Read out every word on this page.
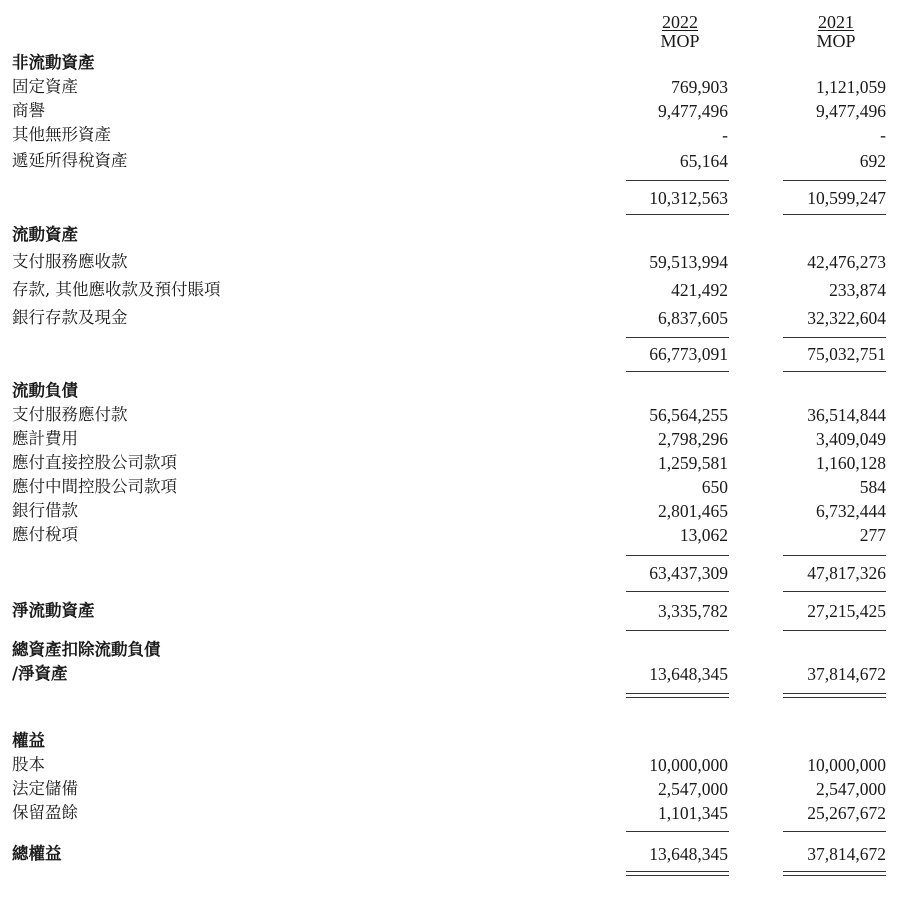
2022
MOP
2021
MOP
非流動資產
固定資產	769,903	1,121,059
商譽	9,477,496	9,477,496
其他無形資產	-	-
遞延所得稅資產	65,164	692
10,312,563	10,599,247
流動資產
支付服務應收款	59,513,994	42,476,273
存款, 其他應收款及預付賬項	421,492	233,874
銀行存款及現金	6,837,605	32,322,604
66,773,091	75,032,751
流動負債
支付服務應付款	56,564,255	36,514,844
應計費用	2,798,296	3,409,049
應付直接控股公司款項	1,259,581	1,160,128
應付中間控股公司款項	650	584
銀行借款	2,801,465	6,732,444
應付稅項	13,062	277
63,437,309	47,817,326
淨流動資產	3,335,782	27,215,425
總資產扣除流動負債
/淨資產	13,648,345	37,814,672
權益
股本	10,000,000	10,000,000
法定儲備	2,547,000	2,547,000
保留盈餘	1,101,345	25,267,672
總權益	13,648,345	37,814,672
